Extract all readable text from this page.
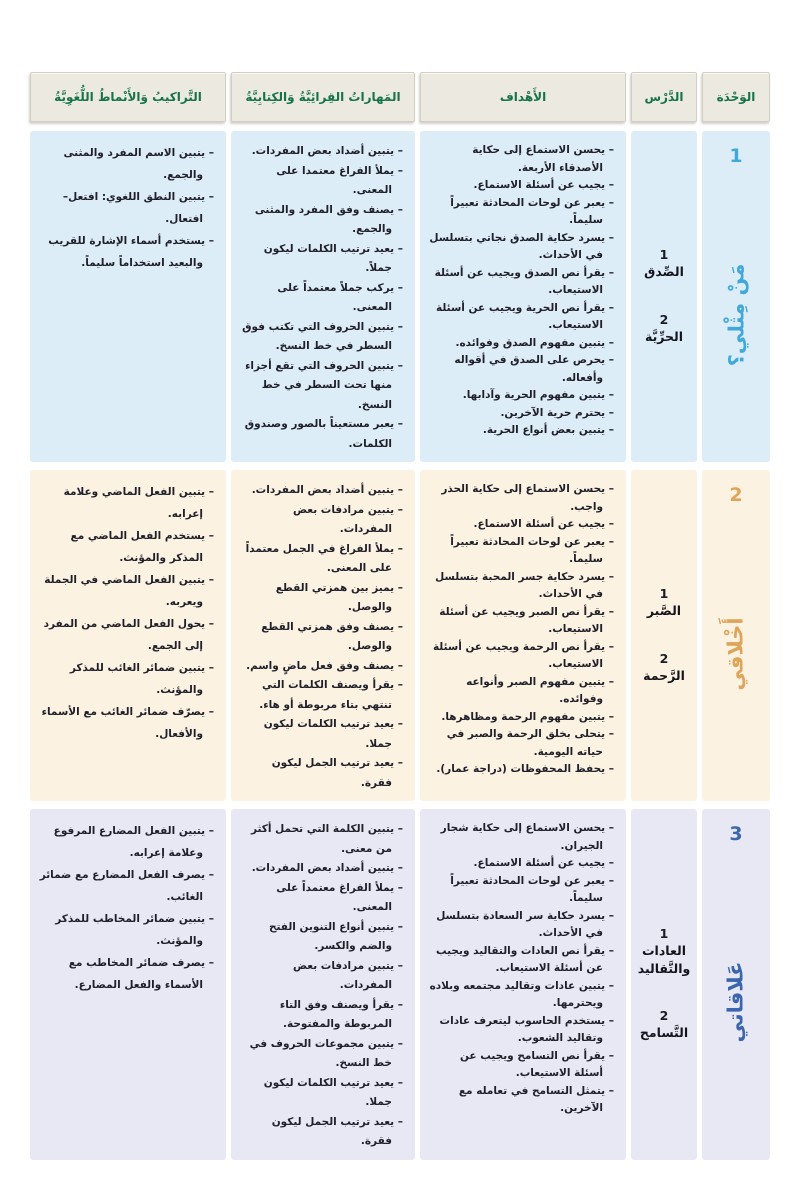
الوَحْدَة
الدَّرْس
الأَهْداف
المَهاراتُ القِرائِيَّةُ وَالكِتابِيَّةُ
التَّراكيبُ وَالأَنْماطُ اللُّغَوِيَّةُ
1
مَنْ مِثْلي؟
1
الصِّدق
2
الحرِّيَّة
– يحسن الاستماع إلى حكاية الأصدقاء الأربعة.
– يجيب عن أسئلة الاستماع.
– يعبر عن لوحات المحادثة تعبيراً سليماً.
– يسرد حكاية الصدق نجاتي بتسلسل في الأحداث.
– يقرأ نص الصدق ويجيب عن أسئلة الاستيعاب.
– يقرأ نص الحرية ويجيب عن أسئلة الاستيعاب.
– يتبين مفهوم الصدق وفوائده.
– يحرص على الصدق في أقواله وأفعاله.
– يتبين مفهوم الحرية وآدابها.
– يحترم حرية الآخرين.
– يتبين بعض أنواع الحرية.
– يتبين أضداد بعض المفردات.
– يملأ الفراغ معتمدا على المعنى.
– يصنف وفق المفرد والمثنى والجمع.
– يعيد ترتيب الكلمات ليكون جملاً.
– يركب جملاً معتمداً على المعنى.
– يتبين الحروف التي تكتب فوق السطر في خط النسخ.
– يتبين الحروف التي تقع أجزاء منها تحت السطر في خط النسخ.
– يعبر مستعيناً بالصور وصندوق الكلمات.
– يتبين الاسم المفرد والمثنى والجمع.
– يتبين النطق اللغوي: افتعل– افتعال.
– يستخدم أسماء الإشارة للقريب والبعيد استخداماً سليماً.
2
أَخْلاقي
1
الصَّبر
2
الرَّحمة
– يحسن الاستماع إلى حكاية الحذر واجب.
– يجيب عن أسئلة الاستماع.
– يعبر عن لوحات المحادثة تعبيراً سليماً.
– يسرد حكاية جسر المحبة بتسلسل في الأحداث.
– يقرأ نص الصبر ويجيب عن أسئلة الاستيعاب.
– يقرأ نص الرحمة ويجيب عن أسئلة الاستيعاب.
– يتبين مفهوم الصبر وأنواعه وفوائده.
– يتبين مفهوم الرحمة ومظاهرها.
– يتحلى بخلق الرحمة والصبر في حياته اليومية.
– يحفظ المحفوظات (دراجة عمار).
– يتبين أضداد بعض المفردات.
– يتبين مرادفات بعض المفردات.
– يملأ الفراغ في الجمل معتمداً على المعنى.
– يميز بين همزتي القطع والوصل.
– يصنف وفق همزتي القطع والوصل.
– يصنف وفق فعل ماضٍ واسم.
– يقرأ ويصنف الكلمات التي تنتهي بتاء مربوطة أو هاء.
– يعيد ترتيب الكلمات ليكون جملا.
– يعيد ترتيب الجمل ليكون فقرة.
– يتبين الفعل الماضي وعلامة إعرابه.
– يستخدم الفعل الماضي مع المذكر والمؤنث.
– يتبين الفعل الماضي في الجملة ويعربه.
– يحول الفعل الماضي من المفرد إلى الجمع.
– يتبين ضمائر الغائب للمذكر والمؤنث.
– يصرّف ضمائر الغائب مع الأسماء والأفعال.
3
عَلاقاتي
1
العادات والتَّقاليد
2
التَّسامح
– يحسن الاستماع إلى حكاية شجار الجيران.
– يجيب عن أسئلة الاستماع.
– يعبر عن لوحات المحادثة تعبيراً سليماً.
– يسرد حكاية سر السعادة بتسلسل في الأحداث.
– يقرأ نص العادات والتقاليد ويجيب عن أسئلة الاستيعاب.
– يتبين عادات وتقاليد مجتمعه وبلاده ويحترمها.
– يستخدم الحاسوب ليتعرف عادات وتقاليد الشعوب.
– يقرأ نص التسامح ويجيب عن أسئلة الاستيعاب.
– يتمثل التسامح في تعامله مع الآخرين.
– يتبين الكلمة التي تحمل أكثر من معنى.
– يتبين أضداد بعض المفردات.
– يملأ الفراغ معتمداً على المعنى.
– يتبين أنواع التنوين الفتح والضم والكسر.
– يتبين مرادفات بعض المفردات.
– يقرأ ويصنف وفق التاء المربوطة والمفتوحة.
– يتبين مجموعات الحروف في خط النسخ.
– يعيد ترتيب الكلمات ليكون جملا.
– يعيد ترتيب الجمل ليكون فقرة.
– يتبين الفعل المضارع المرفوع وعلامة إعرابه.
– يصرف الفعل المضارع مع ضمائر الغائب.
– يتبين ضمائر المخاطب للمذكر والمؤنث.
– يصرف ضمائر المخاطب مع الأسماء والفعل المضارع.
